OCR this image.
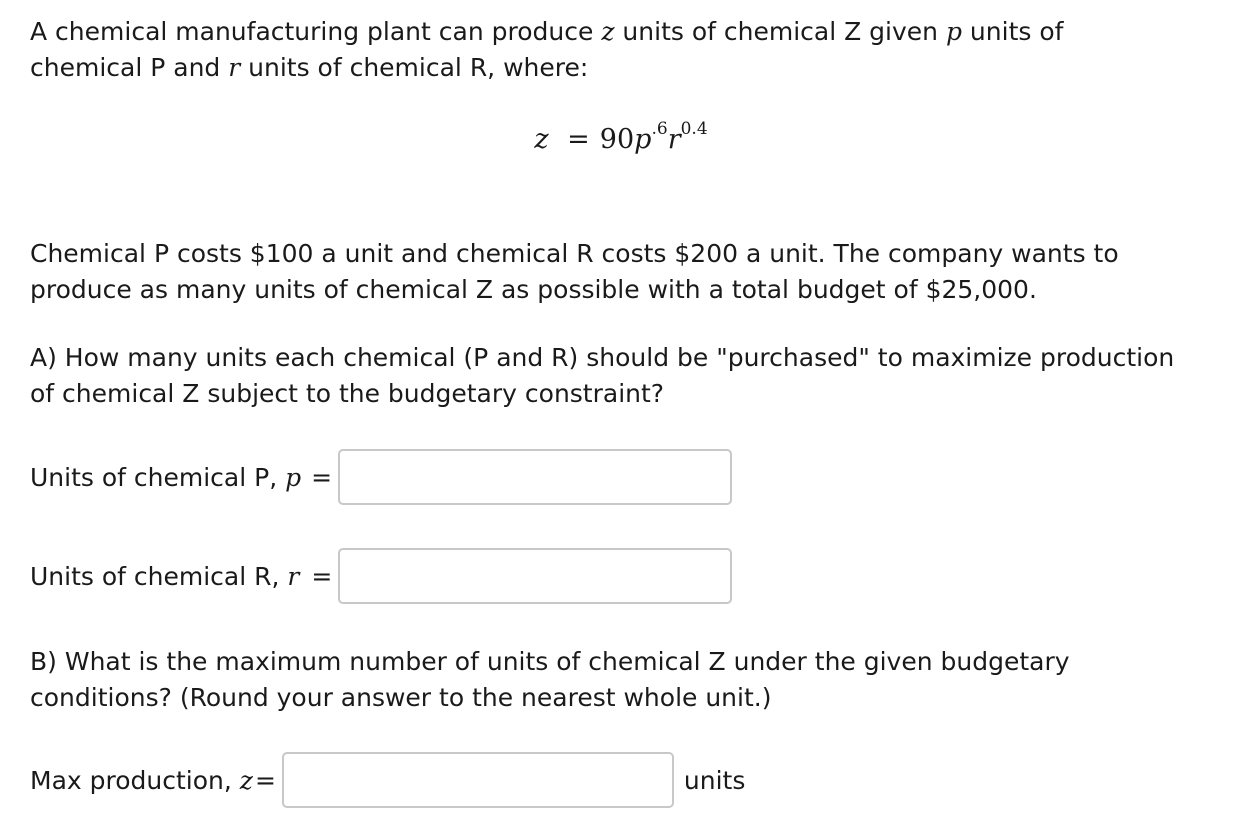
A chemical manufacturing plant can produce z units of chemical Z given p units of
chemical P and r units of chemical R, where:

$z = 90p^{.6}r^{0.4}$

Chemical P costs $100 a unit and chemical R costs $200 a unit. The company wants to
produce as many units of chemical Z as possible with a total budget of $25,000.

A) How many units each chemical (P and R) should be "purchased" to maximize production
of chemical Z subject to the budgetary constraint?

Units of chemical P, p =
Units of chemical R, r =

B) What is the maximum number of units of chemical Z under the given budgetary
conditions? (Round your answer to the nearest whole unit.)

Max production, z =	units
